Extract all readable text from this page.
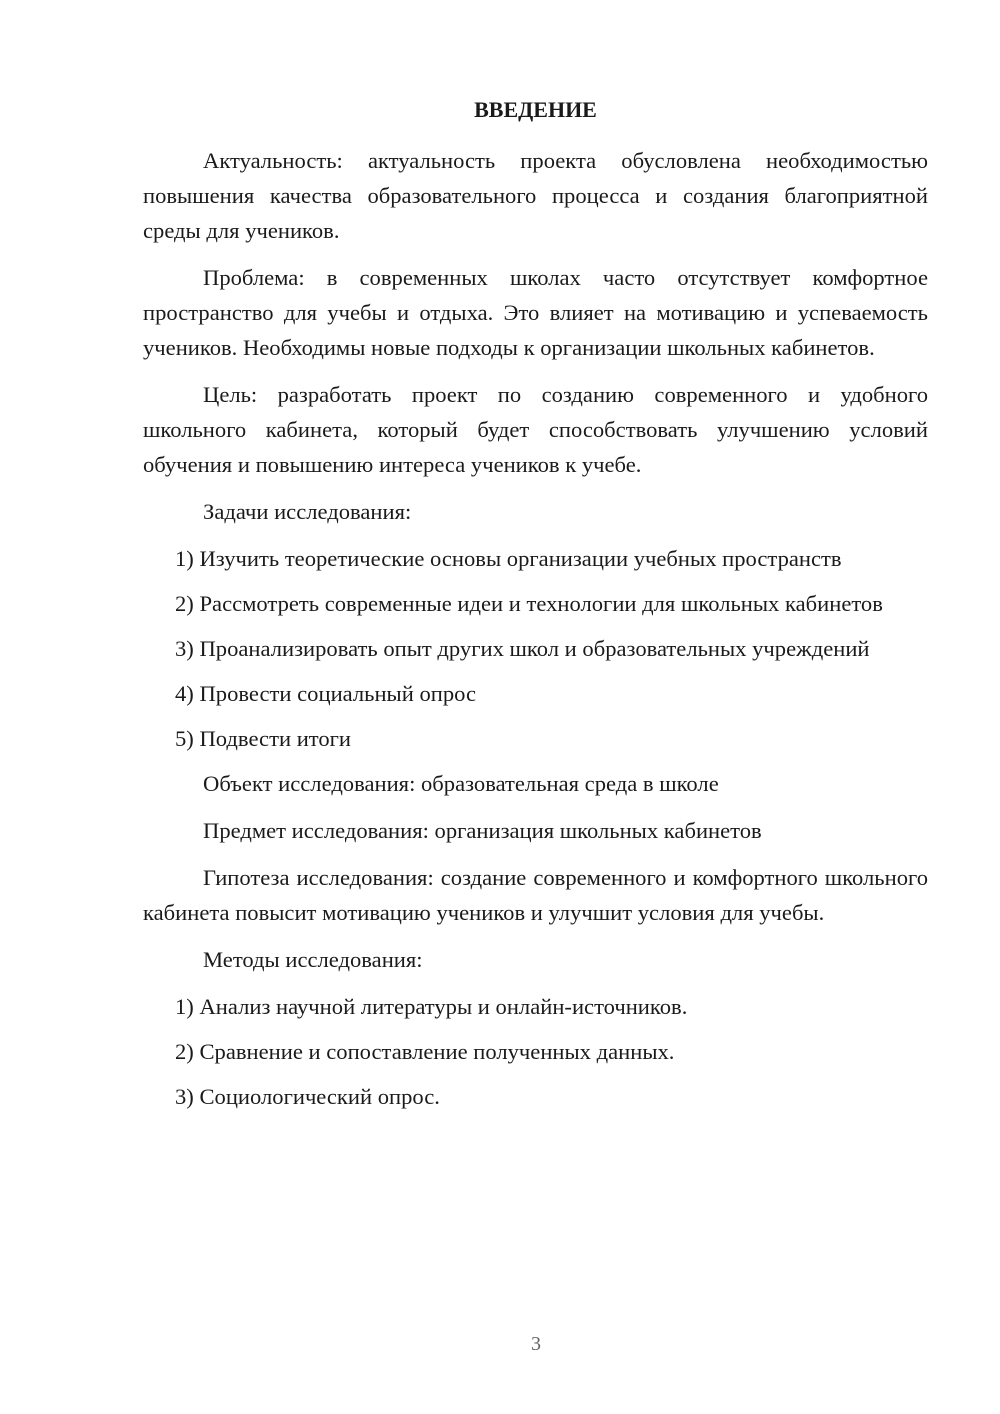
ВВЕДЕНИЕ

Актуальность: актуальность проекта обусловлена необходимостью повышения качества образовательного процесса и создания благоприятной среды для учеников.

Проблема: в современных школах часто отсутствует комфортное пространство для учебы и отдыха. Это влияет на мотивацию и успеваемость учеников. Необходимы новые подходы к организации школьных кабинетов.

Цель: разработать проект по созданию современного и удобного школьного кабинета, который будет способствовать улучшению условий обучения и повышению интереса учеников к учебе.

Задачи исследования:

1) Изучить теоретические основы организации учебных пространств

2) Рассмотреть современные идеи и технологии для школьных кабинетов

3) Проанализировать опыт других школ и образовательных учреждений

4) Провести социальный опрос

5) Подвести итоги

Объект исследования: образовательная среда в школе

Предмет исследования: организация школьных кабинетов

Гипотеза исследования: создание современного и комфортного школьного кабинета повысит мотивацию учеников и улучшит условия для учебы.

Методы исследования:

1) Анализ научной литературы и онлайн-источников.

2) Сравнение и сопоставление полученных данных.

3) Социологический опрос.

3
